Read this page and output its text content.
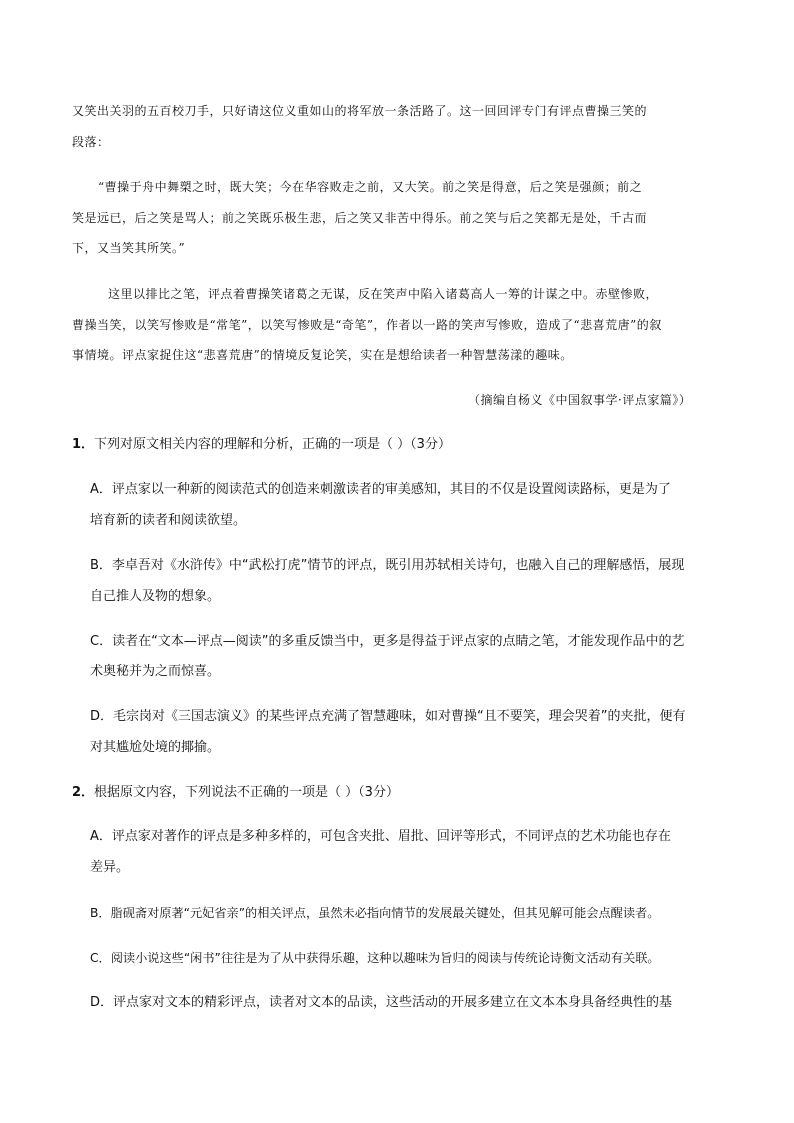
又笑出关羽的五百校刀手，只好请这位义重如山的将军放一条活路了。这一回回评专门有评点曹操三笑的
段落：
“曹操于舟中舞槊之时，既大笑；今在华容败走之前，又大笑。前之笑是得意，后之笑是强颜；前之
笑是远已，后之笑是骂人；前之笑既乐极生悲，后之笑又非苦中得乐。前之笑与后之笑都无是处，千古而
下，又当笑其所笑。”
这里以排比之笔，评点着曹操笑诸葛之无谋，反在笑声中陷入诸葛高人一筹的计谋之中。赤壁惨败，
曹操当笑，以笑写惨败是“常笔”，以笑写惨败是“奇笔”，作者以一路的笑声写惨败，造成了“悲喜荒唐”的叙
事情境。评点家捉住这“悲喜荒唐”的情境反复论笑，实在是想给读者一种智慧荡漾的趣味。
（摘编自杨义《中国叙事学·评点家篇》）
1．下列对原文相关内容的理解和分析，正确的一项是（ ）（3分）
A．评点家以一种新的阅读范式的创造来刺激读者的审美感知，其目的不仅是设置阅读路标，更是为了
培育新的读者和阅读欲望。
B．李卓吾对《水浒传》中“武松打虎”情节的评点，既引用苏轼相关诗句，也融入自己的理解感悟，展现
自己推人及物的想象。
C．读者在“文本—评点—阅读”的多重反馈当中，更多是得益于评点家的点睛之笔，才能发现作品中的艺
术奥秘并为之而惊喜。
D．毛宗岗对《三国志演义》的某些评点充满了智慧趣味，如对曹操“且不要笑，理会哭着”的夹批，便有
对其尴尬处境的揶揄。
2．根据原文内容，下列说法不正确的一项是（ ）（3分）
A．评点家对著作的评点是多种多样的，可包含夹批、眉批、回评等形式，不同评点的艺术功能也存在
差异。
B．脂砚斋对原著“元妃省亲”的相关评点，虽然未必指向情节的发展最关键处，但其见解可能会点醒读者。
C．阅读小说这些“闲书”往往是为了从中获得乐趣，这种以趣味为旨归的阅读与传统论诗衡文活动有关联。
D．评点家对文本的精彩评点，读者对文本的品读，这些活动的开展多建立在文本本身具备经典性的基
